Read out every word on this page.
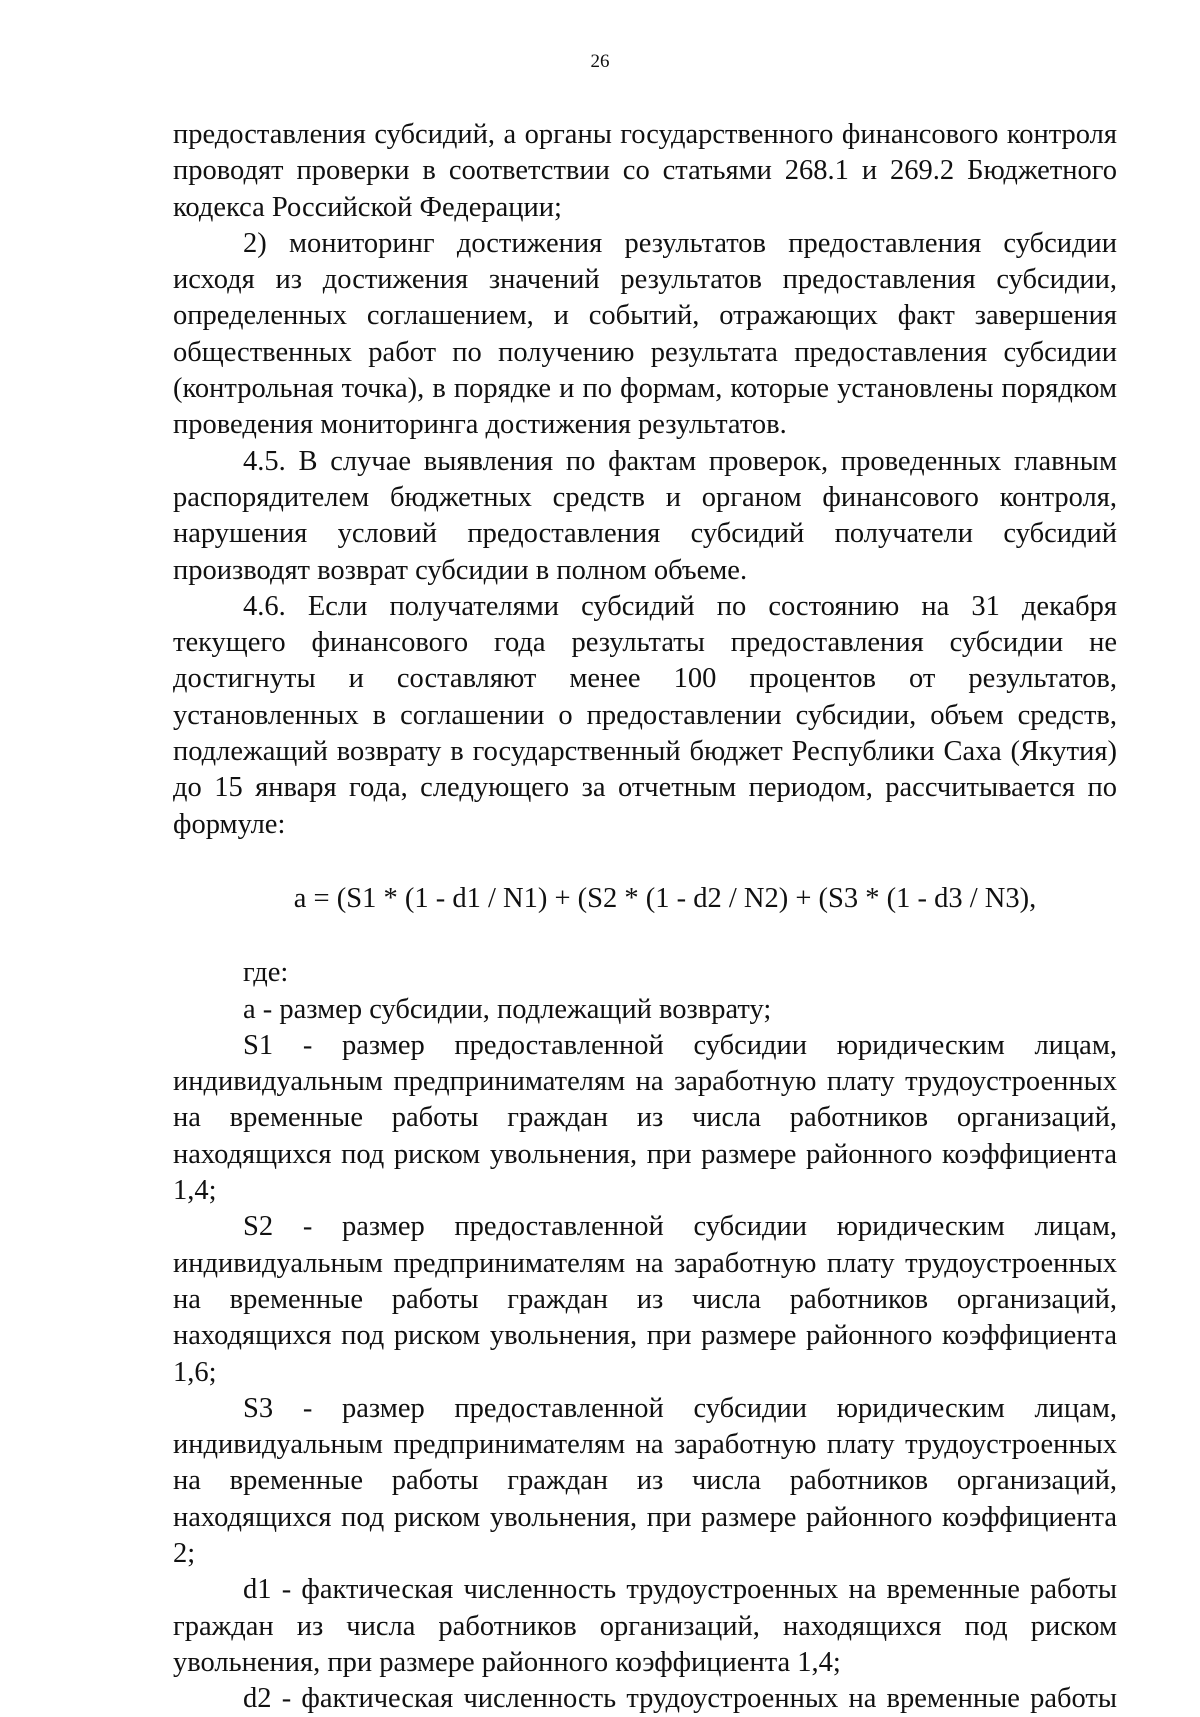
26

предоставления субсидий, а органы государственного финансового контроля проводят проверки в соответствии со статьями 268.1 и 269.2 Бюджетного кодекса Российской Федерации;

2) мониторинг достижения результатов предоставления субсидии исходя из достижения значений результатов предоставления субсидии, определенных соглашением, и событий, отражающих факт завершения общественных работ по получению результата предоставления субсидии (контрольная точка), в порядке и по формам, которые установлены порядком проведения мониторинга достижения результатов.

4.5. В случае выявления по фактам проверок, проведенных главным распорядителем бюджетных средств и органом финансового контроля, нарушения условий предоставления субсидий получатели субсидий производят возврат субсидии в полном объеме.

4.6. Если получателями субсидий по состоянию на 31 декабря текущего финансового года результаты предоставления субсидии не достигнуты и составляют менее 100 процентов от результатов, установленных в соглашении о предоставлении субсидии, объем средств, подлежащий возврату в государственный бюджет Республики Саха (Якутия) до 15 января года, следующего за отчетным периодом, рассчитывается по формуле:

a = (S1 * (1 - d1 / N1) + (S2 * (1 - d2 / N2) + (S3 * (1 - d3 / N3),

где:

a - размер субсидии, подлежащий возврату;

S1 - размер предоставленной субсидии юридическим лицам, индивидуальным предпринимателям на заработную плату трудоустроенных на временные работы граждан из числа работников организаций, находящихся под риском увольнения, при размере районного коэффициента 1,4;

S2 - размер предоставленной субсидии юридическим лицам, индивидуальным предпринимателям на заработную плату трудоустроенных на временные работы граждан из числа работников организаций, находящихся под риском увольнения, при размере районного коэффициента 1,6;

S3 - размер предоставленной субсидии юридическим лицам, индивидуальным предпринимателям на заработную плату трудоустроенных на временные работы граждан из числа работников организаций, находящихся под риском увольнения, при размере районного коэффициента 2;

d1 - фактическая численность трудоустроенных на временные работы граждан из числа работников организаций, находящихся под риском увольнения, при размере районного коэффициента 1,4;

d2 - фактическая численность трудоустроенных на временные работы
